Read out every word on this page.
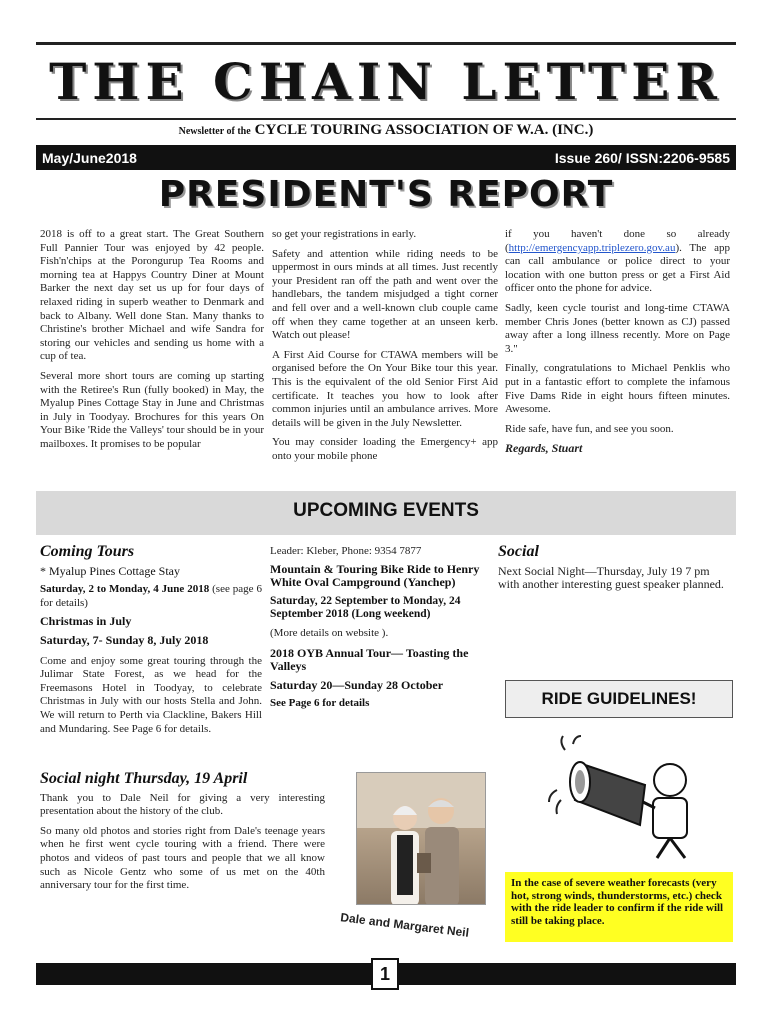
THE CHAIN LETTER
Newsletter of the CYCLE TOURING ASSOCIATION OF W.A. (INC.)
May/June2018	Issue 260/ ISSN:2206-9585
PRESIDENT'S REPORT

2018 is off to a great start. The Great Southern Full Pannier Tour was enjoyed by 42 people. Fish'n'chips at the Porongurup Tea Rooms and morning tea at Happys Country Diner at Mount Barker the next day set us up for four days of relaxed riding in superb weather to Denmark and back to Albany. Well done Stan. Many thanks to Christine's brother Michael and wife Sandra for storing our vehicles and sending us home with a cup of tea.

Several more short tours are coming up starting with the Retiree's Run (fully booked) in May, the Myalup Pines Cottage Stay in June and Christmas in July in Toodyay. Brochures for this years On Your Bike 'Ride the Valleys' tour should be in your mailboxes. It promises to be popular

so get your registrations in early.

Safety and attention while riding needs to be uppermost in ours minds at all times. Just recently your President ran off the path and went over the handlebars, the tandem misjudged a tight corner and fell over and a well-known club couple came off when they came together at an unseen kerb. Watch out please!

A First Aid Course for CTAWA members will be organised before the On Your Bike tour this year. This is the equivalent of the old Senior First Aid certificate. It teaches you how to look after common injuries until an ambulance arrives. More details will be given in the July Newsletter.

You may consider loading the Emergency+ app onto your mobile phone

if you haven't done so already (http://emergencyapp.triplezero.gov.au). The app can call ambulance or police direct to your location with one button press or get a First Aid officer onto the phone for advice.

Sadly, keen cycle tourist and long-time CTAWA member Chris Jones (better known as CJ) passed away after a long illness recently. More on Page 3."

Finally, congratulations to Michael Penklis who put in a fantastic effort to complete the infamous Five Dams Ride in eight hours fifteen minutes. Awesome.

Ride safe, have fun, and see you soon.

Regards, Stuart

UPCOMING EVENTS
Coming Tours
* Myalup Pines Cottage Stay
Saturday, 2 to Monday, 4 June 2018 (see page 6 for details)
Christmas in July
Saturday, 7- Sunday 8, July 2018

Come and enjoy some great touring through the Julimar State Forest, as we head for the Freemasons Hotel in Toodyay, to celebrate Christmas in July with our hosts Stella and John. We will return to Perth via Clackline, Bakers Hill and Mundaring. See Page 6 for details.

Leader: Kleber, Phone: 9354 7877

Mountain & Touring Bike Ride to Henry White Oval Campground (Yanchep)
Saturday, 22 September to Monday, 24 September 2018 (Long weekend)

(More details on website ).

2018 OYB Annual Tour— Toasting the Valleys
Saturday 20—Sunday 28 October
See Page 6 for details
Social

Next Social Night—Thursday, July 19 7 pm with another interesting guest speaker planned.

RIDE GUIDELINES!
In the case of severe weather forecasts (very hot, strong winds, thunderstorms, etc.) check with the ride leader to confirm if the ride will still be taking place.
Social night Thursday, 19 April

Thank you to Dale Neil for giving a very interesting presentation about the history of the club.

So many old photos and stories right from Dale's teenage years when he first went cycle touring with a friend. There were photos and videos of past tours and people that we all know such as Nicole Gentz who some of us met on the 40th anniversary tour for the first time.

Dale and Margaret Neil
1
